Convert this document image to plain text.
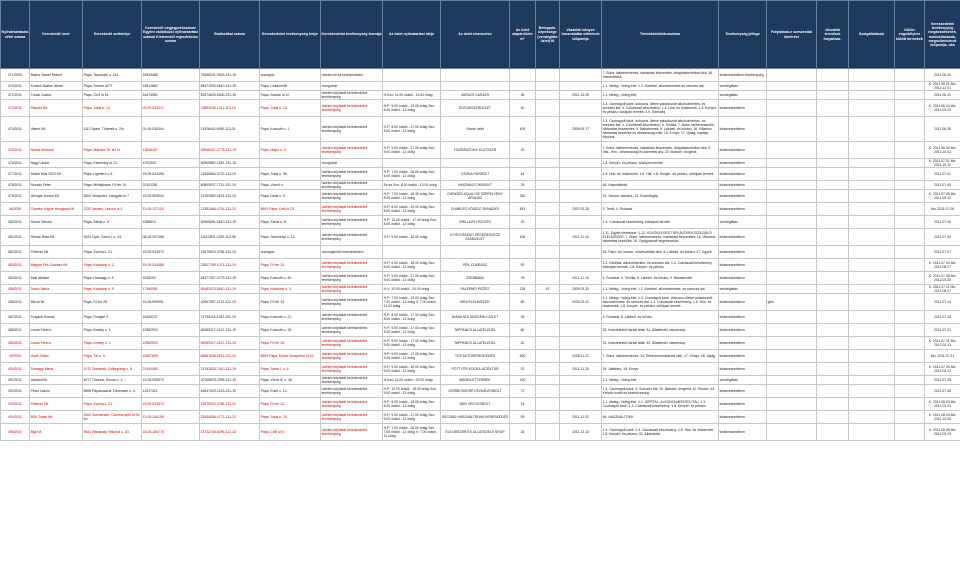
Nyilvántartásba vétel száma	Kereskedő neve	Kereskedő székhelye	Kereskedő cégjegyzékszáma/ Egyéni vállalkozói nyilvántartási száma/ Kistermelő regisztrációs száma	Statisztikai száma	Kereskedelmi tevékenység helye	Kereskedelmi tevékenység formája	Az üzlet nyitvatartási ideje	Az üzlet elnevezése	Az üzlet alapterülete m²	Befogadó- képessége (vendéglátó üzlet) fő	Vásárlók könyve használatba vételének időpontja	Termékkörök/áruszáma	Tevékenység jellege	Folytatnak-e szeszesital kimérést	Jövedéki termékek forgalmaz.	Szolgáltatások	Külön engedélyhez kötött termékek	Kereskedelmi tevékenység megkezdésének, módosításának, megszűnésének időpontja, oka
471/2005	Bakos József Róbert	Pápa, Tapolcafő u. 114.	19533488	75636241-9529-231-19	országos	üzleten kívüli kereskedelem						7. Bútor, lakberendezés, háztartási felszerelés, világítástechnikai cikk; 46. Használtcikk	kiskereskedelmi tevékenység					2011.06.20
470/2011	Kovács Balázs István	Pápa, Somlai út 97.	15812882	65471900-5610-231-19	Pápa, Celldömölk	mozgóbolt						1.1. Meleg-, hideg étel; 1.2. Kávéital, alkoholmentes és szeszes ital;	vendéglátás					K: 2011.06.21 Mo: 2012.12.01
471/2011	Tóraki Csaba	Pápa, Gróf út 51.	16474560	65374625-5630-231-19	Pápa, Somlai út 10.	üzleten folytatott kereskedelmi tevékenység	H-Szo: 11.00 órától - 15.00 óráig	VARÁZS GARÁZS	36		2011.10.28	1.1. Meleg-, hideg étel;	vendéglátás					2011.06.22
472/2011	Fitandó Kft.	Pápa, Jókai u. 14.	09-09-514371	23894248-1011-113-19	Pápa, Jókai u. 14.	üzleten folytatott kereskedelmi tevékenység	H-P: 5.00 órától - 19.00 óráig Szo: 8.00 órától - 13 óráig	ÉLELMISZERÜZLET	40			1.3. Csomagolt kávé, dobozos, illetve palackozott alkoholmentes- és szeszes ital; 4. Cukrászati készítmény; 1.5. Hús- és hústermék; 1.9. Kenyér- és pékáru, sütőipari termék; 3.9. Édesség	kiskereskedelem					K: 2011.06.24 Mo: 2012.03.23
474/2011	Viamir Kft.	1112 Ápesi, Töberek u. 2/b	01-09-916344	11926443-4690-113-01	Pápa, Kossuth u. 1.	üzleten folytatott kereskedelmi tevékenység	H-P: 8.00 órától - 17.00 óráig Szo: 8.00 órától - 12 óráig	Viamir üzlet	405		2008.09.17	1.3. Csomagolt kávé, dobozos, illetve palackozott alkoholmentes- és szeszes ital; 4. Cukrászati készítmény; 6. Textília; 7. Bútor, lakberendezés, háztartási felszerelés; 9. Babatermék; 8. Lábbeli- és bőráru; 16. Villamos háztartási készülék és villamossági cikk; 18. Könyv; 17. Újság, napilap, folyóirat	kiskereskedelem					2011.06.28
475/2011	Nossa Andorné	Pápa, Március 15. tér 11.	13846167	53846167-4775-231-19	Pápa, Major u. 3.	üzleten folytatott kereskedelmi tevékenység	H-P: 9.00 órától - 17.00 óráig Szo: 9.00 órától - 12 óráig	FODRÁSZCIKK KLATSZER	20			7. Bútor, lakberendezés, háztartási felszerelés, világítástechnikai cikk; 9. Vas-, fém-, villamossági és szerelési áru; 20. Illatszer, drogéria	kiskereskedelem					K: 2011.06.30 Mo: 2012.10.02
476/2011	Nagy László	Pápa, Esterházy út 21.	4792500	50909587-1581-231-19		mozgóbolt						1.8. Kenyér- és pékáru, sütőipari termék	kiskereskedelem					K: 2011.07.01 Mo: 2011.10.12
477/2011	Szalai Mús 2010 Kft.	Pápa, Ligettert u. 5.	19-09-512496	12655564-4722-113-19	Pápa, Jókai u. 96.	üzleten folytatott kereskedelmi tevékenység	H-P: 7.00 órától - 18.00 óráig Szo: 6.00 órától - 12 óráig	CSÓKA HÚSBOLT	44			1.5. Hús- és hústermék; 1.6. Hal; 1.8. Kenyér- és pékáru, sütőipari termék	kiskereskedelem					2011.07.01
478/2011	Rozsás Péter	Pápa, Mihályháza, Fő tér 14.	23101281	60809537-7711-231-19	Pápa, Vizmű u.	üzleten folytatott kereskedelmi tevékenység	Sz és Szo: 8.00 órától - 13.00 óráig	HASZNÁLTCIKKBOLT	26			46. Használtcikk	kiskereskedelem					2011.07.05
479/2011	Gienger-Kontur Kft.	8200 Veszprém, Házgyári út 7.	19-09-509026	13762860-4674-113-19	Pápa, Deák u. 9.	üzleten folytatott kereskedelmi tevékenység	H-P: 7.00 órától - 16.30 óráig Szo: 8.00 órától - 12 óráig	GIENGER AQUA-VÍZ SZERELVÉNY ÁRUHÁZ	250			15. Vasáru, barkács, 13. Számítógép	kiskereskedelem					K: 2011.07.05 Mo: 2011.09.12
46/2005	Charles Vögele Hungária Kft.	2220 Vecsés, Lincoln út 1.	13-09-127118	13382465-4751-113-13	8500 Pápa, Celli út 23.	üzleten folytatott kereskedelmi tevékenység	H-P: 8.00 órától - 19.00 óráig Szo: 8.00 órától - 13 óráig	CHARLES VÖGELE RUHÁZATI	813		2007.02.28	3. Textil; 4. Ruházat	kiskereskedelem					Mo: 2011.07.05
480/2011	Racse Sándor	Pápa, Zárda u. 8.	4355623	53905651-5610-231-19	Pápa, Zárda u. 8.	üzleten folytatott kereskedelmi tevékenység	H-P: 12.00 órától - 17.00 óráig Szo: 8.00 órától - 12 óráig	GRILLÁZS FAGYIZÓ	20			1.4. Cukrászati készítmény, édesipari termék	vendéglátás					2011.07.06
481/2011	Rehab-Ráta Kft.	9024 Győr, Szent I. u. 43.	08-09-007466	11612801-3250-113-08	Pápa, Széchenyi u. 13.	üzleten folytatott kereskedelmi tevékenység	H-P: 9.00 órától - 16.00 óráig	GYÓGYÁSZATI SEGÉDESZKÖZ SZAKÜZLET	106		2011.11.16	1.11. Egyéb élelmiszer; 1.12. KÜLÖNLEGES TÁPLÁLÉKRA SZOLGÁLÓ ÉLELMISZER; 7. Bútor, lakberendezés, háztartási felszerelés; 16. Villamos háztartási készülék; 18. Gyógyászati segédeszköz	kiskereskedelem					2011.07.06
482/2011	Pelendó Kft.	Pápa, Zsolna u. 21.	19-09-514570	23579620-4765-113-19	országos	csomagküldő kereskedelem						18. Papír- és írószer, művészellátó cikk; 8. Lábbeli- és bőráru; 47. Egyéb	kiskereskedelem					2011.07.07
483/2011	Magyar Pék Cukrász Kft.	Pápa, Kisfaludy u. 2.	19-09-514588	23527769-1071-113-19	Pápa, Fő tér 13.	üzleten folytatott kereskedelmi tevékenység	H-P: 6.00 órától - 18.00 óráig Szo: 6.00 órától - 12 óráig	PÉK-CUKRÁSZ	50			1.2. Kávéital, alkoholmentes- és szeszes ital; 1.4. Cukrászati készítmény, édesipari termék; 1.8. Kenyér- és pékáru	kiskereskedelem					K: 2011.07.04 Mo: 2012.08.27
484/2011	Baki Attiláné	Pápa, Hadnagy u. 8.	9248252	64377267-4779-231-19	Pápa, Kossuth u. 30.	üzleten folytatott kereskedelmi tevékenység	H-P: 9.00 órától - 17.00 óráig Szo: 9.00 órától - 12 óráig	ZSEBBABA	39		2011.11.15	4. Ruházat; 6. Textília; 8. Lábbeli- és bőráru; 9. Babatermék	kiskereskedelem					K: 2011.07.08 Mo: 2012.03.30
485/2011	Tankó Mária	Pápa, Kisfaludy u. 5.	17364081	65482423-5610-231-19	Pápa, Kisfaludy u. 3.	üzleten folytatott kereskedelmi tevékenység	H-V: 10.00 órától - 24.00 óráig	PALERMÓ PIZZÉZ	128	42	2009.03.30	1.1. Meleg-, hideg étel; 1.2. Kávéital, alkoholmentes- és szeszes ital	vendéglátás					K: 2011.07.11 Mo: 2012.08.27
486/2011	Mirvai Bt.	Pápa, Fő tér 25.	19-06-505991	20967607-4711-212-19	Pápa, Fő tér 14.	üzleten folytatott kereskedelmi tevékenység	H-P: 7.00 órától - 19.00 óráig Szo: 7.00 órától - 13 óráig V: 7.00 órától - 11.00 óráig	MINI ÉLELMISZER	80		2005.02.22	1.1. Meleg-, hideg étel; 1.3. Csomagolt kávé, dobozos, illetve palackozott alkoholmentes- és szeszes ital; 1.4. Cukrászati készítmény; 1.5. Hús- és hústermék; 1.8. Kenyér- és pékáru, sütőipari termék	kiskereskedelem	igen				2011.07.14
487/2011	Polgárdi András	Pápa, Rodgert 2.	15406237	74755118-4782-231-19	Pápa, Kossuth u. 22.	üzleten folytatott kereskedelmi tevékenység	H-P: 8.00 órától - 17.00 óráig Szo: 8.00 órától - 12 óráig	DIANA NOI DIVATÁRU ÜZLET	25			4. Ruházat; 8. Lábbeli- és bőráru	kiskereskedelem					2011.07.18
488/2011	Lovas Ferenc	Pápa, Kmetty u. 1.	12982903	65069217-0147-231-19	Pápa, Kossuth u. 15.	üzleten folytatott kereskedelmi tevékenység	H-P: 9.00 órától - 17.00 óráig Szo: 9.00 órától - 12 óráig	TAPPANCS ÁLLATELEDEL	60			33. Kedvtelésből tartott állat; 34. Állateledel, takarmány	kiskereskedelem					2011.07.21
489/2011	Lovas Ferenc	Pápa, Kmetty u. 1.	12982903	65069217-0147-231-19	Pápa, Fő tér 15.	üzleten folytatott kereskedelmi tevékenység	H-P: 9.00 órától - 17.00 óráig Szo: 9.00 órától - 12 óráig	TAPPANCS ÁLLATELEDEL	40			31. Kedvtelésből tartott állat; 32. Állateledel, takarmány	kiskereskedelem					K: 2011.07.21 Mo: 2012.02.13
49/2005	Osvit Zoltán	Pápa, Tél u. 3.	16697655	65651548-9511-231-19	8500 Pápa, Kölcei Veszprémi út 42.	üzleten folytatott kereskedelmi tevékenység	H-P: 9.00 órától - 17.00 óráig Szo: 9.00 órától - 12 óráig	TOP AUTÓKERESKEDÉS	500		2008.11.21	7. Bútor, lakberendezés; 14. Telekommunikációs cikk; 17. Könyv; 18. Újság	kiskereskedelem					Mo: 2011.07.21
490/2011	Somogyi Mária	2072 Zsámbék, Csillagvirág u. 8.	21394480	74761825-7410-231-19	Pápa, Szent I. u. 6.	üzleten folytatott kereskedelmi tevékenység	H-P: 9.00 órától - 16.00 óráig Szo: 9.00 órától - 12 óráig	PÖTTYÖS KOCKA JÁTÉKTÁR	32		2011.11.25	24. Játékáru; 18. Könyv	kiskereskedelem					K: 2011.07.26 Mo: 2012.04.12
491/2011	Alsobeli Bt.	8477 Tükevár, Rózsa u. 1.	19-06-508575	20768878-2599-212-19	Pápa, Vörös B. u. 36.	üzleten folytatott kereskedelmi tevékenység	H-Szo: 11.00 órától - 22.00 óráig	MÁRKA ÉTTERMEK	100			1.1. Meleg-, hideg étel;	vendéglátás					2011.07.28
492/2011	Pécsi László	8596 Pápakovácsi, Dévecseri u. 6.	12017321	64847429-3213-231-19	Pápa, Erkel u. 14.	üzleten folytatott kereskedelmi tevékenység	H-P: 10.00 órától - 18.00 óráig Szo: 9.00 órától - 12 óráig	GÖRBE BOKRÉ KÉZMŰVESBOLT	72			1.3. Csomagolt kávé; 3. Szeszes ital; 20. Illatszer, drogéria; 42. Ékszer; 43. Kreatív hobbi és kézművesség	kiskereskedelem					2011.07.28
493/2011	Pelendó Kft.	Pápa, Zsolna u. 21.	19-09-514570	23579620-4765-113-19	Pápa, Fő tér 12.	üzleten folytatott kereskedelmi tevékenység	H-P: 8.00 órától - 18.00 óráig Szo: 8.00 órától - 13 óráig	MINI VEGYESBOLT	24			1.1. Meleg-, hideg étel; 1.2. GÉPITAL, ALKOHOLMENTES ITAL; 1.3. Csomagolt kávé; 1.4. Cukrászati készítmény; 1.8. Kenyér- és pékáru	kiskereskedelem					K: 2011.08.03 Mo: 2012.01.31
494/2011	BDK Trade Kft.	2000 Szentendre, Cseresznyés út 92 fsz.	13-09-140156	23434536-4771-113-13	Pápa, Jókai u. 15.	üzleten folytatott kereskedelmi tevékenység	H-P: 9.00 órától - 17.00 óráig Szo: 9.00 órától - 12 óráig	SECOND HASZNÁLTRUHA KERESKEDÉS	59		2011.12.02	46. HASZNÁLTCIKK	kiskereskedelem					K: 2011.08.03 Mo: 2011.10.05
495/2011	Bigi Kft.	9641 Rábapaty, Rákóczi u. 83.	18-09-106776	13722749-8299-113-18	Pápa, Celli út 6.	üzleten folytatott kereskedelmi tevékenység	H-P: 7.00 órától - 18.00 óráig Szo: 7.00 órától - 12 óráig V: 7.00 órától - 11 óráig	ÉLELMISZER ÉS ÁLLATEDELE SHOP	35		2011.12.10	1.3. Csomagolt kávé; 1.4. Cukrászati készítmény; 1.5. Hús- és hústermék; 1.8. Kenyér- és pékáru; 32. Állateledel	kiskereskedelem					K: 2011.08.08 Mo: 2012.03.19
